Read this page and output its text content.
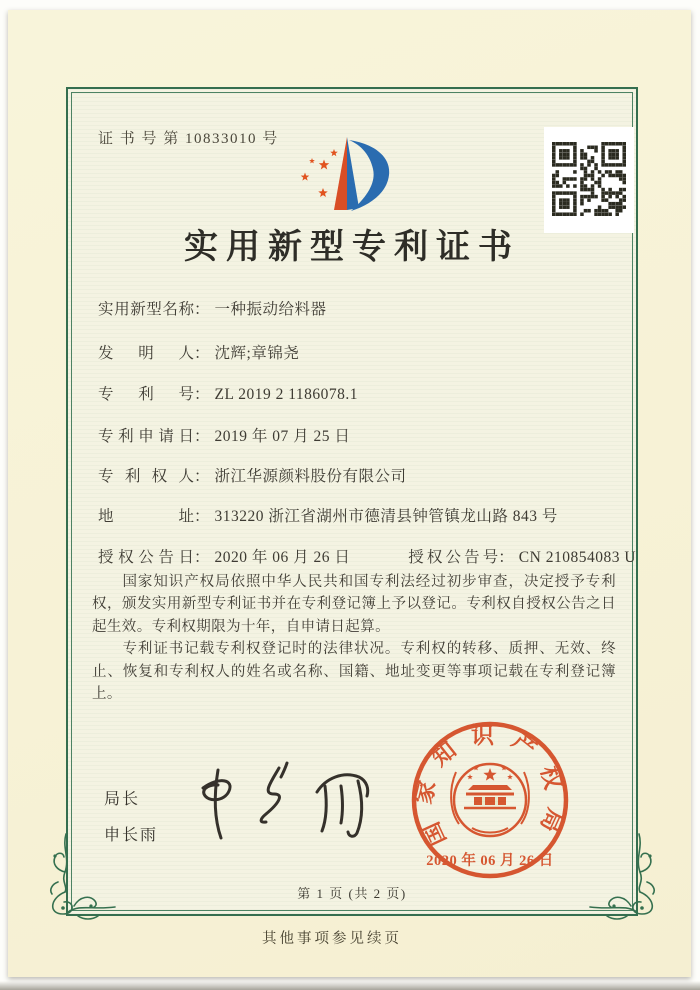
证 书 号 第 10833010 号
实用新型专利证书
实用新型名称： 一种振动给料器
发明人： 沈辉;章锦尧
专利号： ZL 2019 2 1186078.1
专利申请日： 2019 年 07 月 25 日
专利权人： 浙江华源颜料股份有限公司
地址： 313220 浙江省湖州市德清县钟管镇龙山路 843 号
授权公告日： 2020 年 06 月 26 日	授权公告号： CN 210854083 U

国家知识产权局依照中华人民共和国专利法经过初步审查，决定授予专利权，颁发实用新型专利证书并在专利登记簿上予以登记。专利权自授权公告之日起生效。专利权期限为十年，自申请日起算。

专利证书记载专利权登记时的法律状况。专利权的转移、质押、无效、终止、恢复和专利权人的姓名或名称、国籍、地址变更等事项记载在专利登记簿上。

局长
申长雨	国家知识产权局
2020 年 06 月 26 日
第 1 页 (共 2 页)
其他事项参见续页
